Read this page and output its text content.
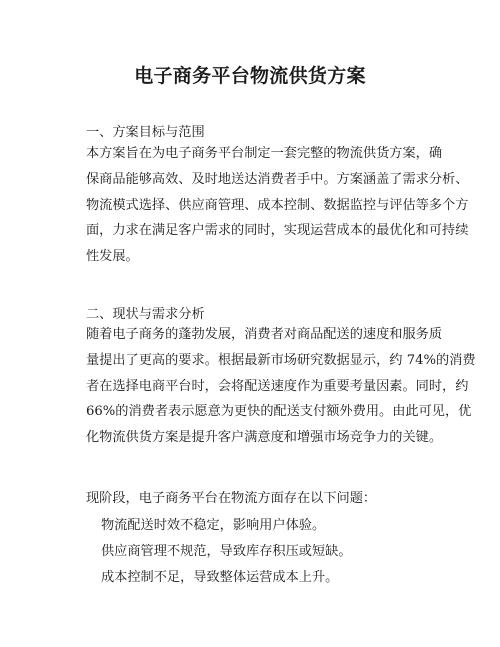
电子商务平台物流供货方案

一、方案目标与范围

本方案旨在为电子商务平台制定一套完整的物流供货方案，确
保商品能够高效、及时地送达消费者手中。方案涵盖了需求分析、
物流模式选择、供应商管理、成本控制、数据监控与评估等多个方
面，力求在满足客户需求的同时，实现运营成本的最优化和可持续
性发展。

二、现状与需求分析

随着电子商务的蓬勃发展，消费者对商品配送的速度和服务质
量提出了更高的要求。根据最新市场研究数据显示，约 74%的消费
者在选择电商平台时，会将配送速度作为重要考量因素。同时，约
66%的消费者表示愿意为更快的配送支付额外费用。由此可见，优
化物流供货方案是提升客户满意度和增强市场竞争力的关键。

现阶段，电子商务平台在物流方面存在以下问题：

物流配送时效不稳定，影响用户体验。

供应商管理不规范，导致库存积压或短缺。

成本控制不足，导致整体运营成本上升。
